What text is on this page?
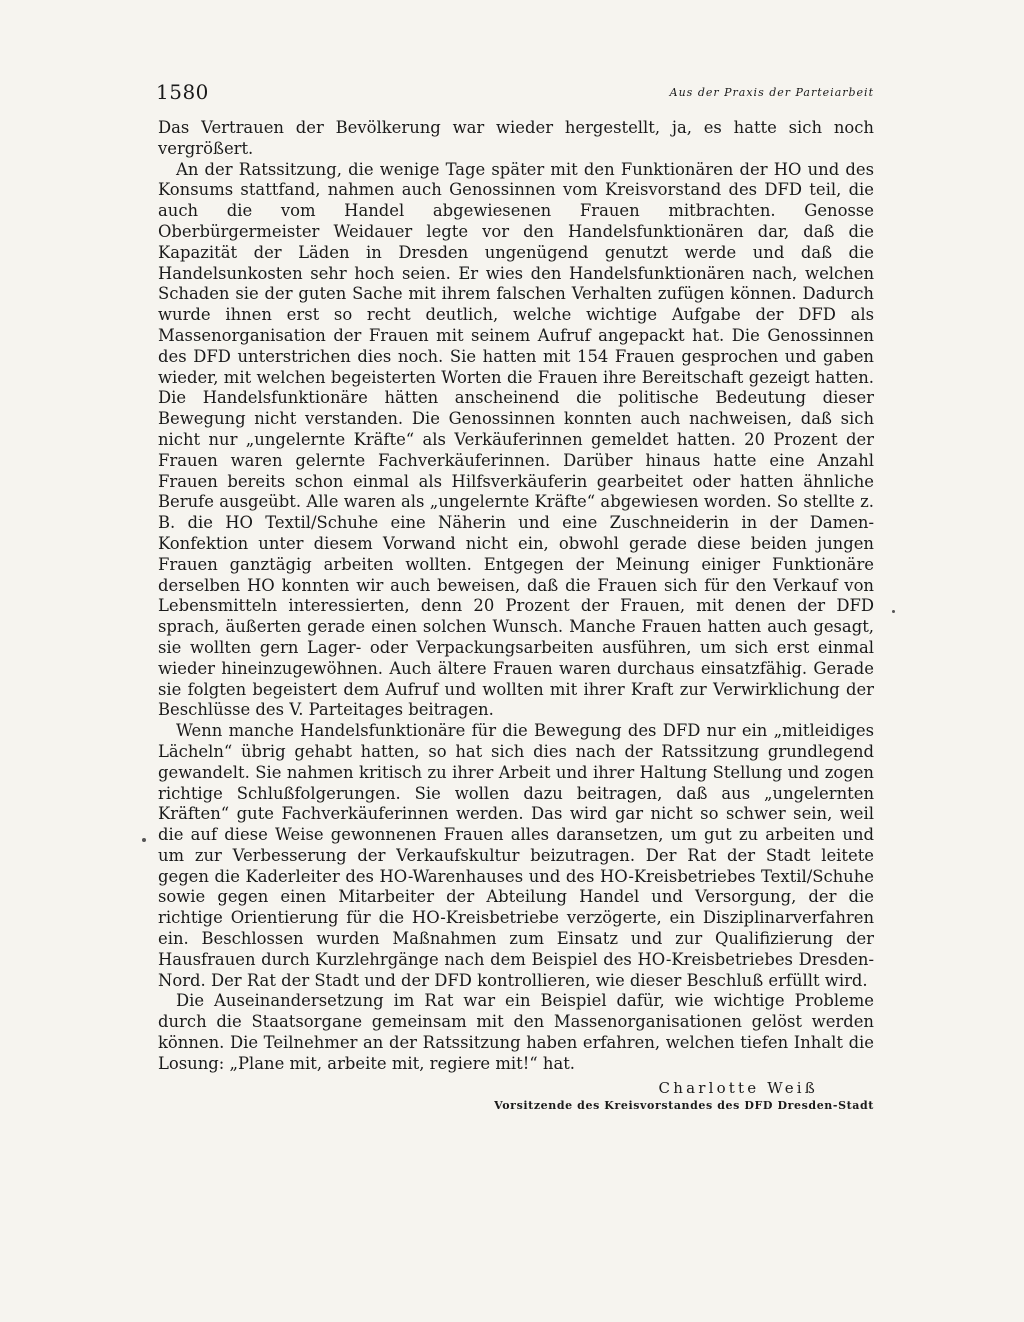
1580	Aus der Praxis der Parteiarbeit

Das Vertrauen der Bevölkerung war wieder hergestellt, ja, es hatte sich noch vergrößert.

An der Ratssitzung, die wenige Tage später mit den Funktionären der HO und des Konsums stattfand, nahmen auch Genossinnen vom Kreisvorstand des DFD teil, die auch die vom Handel abgewiesenen Frauen mitbrachten. Genosse Oberbürgermeister Weidauer legte vor den Handelsfunktionären dar, daß die Kapazität der Läden in Dresden ungenügend genutzt werde und daß die Handelsunkosten sehr hoch seien. Er wies den Handelsfunktionären nach, welchen Schaden sie der guten Sache mit ihrem falschen Verhalten zufügen können. Dadurch wurde ihnen erst so recht deutlich, welche wichtige Aufgabe der DFD als Massenorganisation der Frauen mit seinem Aufruf angepackt hat. Die Genossinnen des DFD unterstrichen dies noch. Sie hatten mit 154 Frauen gesprochen und gaben wieder, mit welchen begeisterten Worten die Frauen ihre Bereitschaft gezeigt hatten. Die Handelsfunktionäre hätten anscheinend die politische Bedeutung dieser Bewegung nicht verstanden. Die Genossinnen konnten auch nachweisen, daß sich nicht nur „ungelernte Kräfte“ als Verkäuferinnen gemeldet hatten. 20 Prozent der Frauen waren gelernte Fachverkäuferinnen. Darüber hinaus hatte eine Anzahl Frauen bereits schon einmal als Hilfsverkäuferin gearbeitet oder hatten ähnliche Berufe ausgeübt. Alle waren als „ungelernte Kräfte“ abgewiesen worden. So stellte z. B. die HO Textil/Schuhe eine Näherin und eine Zuschneiderin in der Damen-Konfektion unter diesem Vorwand nicht ein, obwohl gerade diese beiden jungen Frauen ganztägig arbeiten wollten. Entgegen der Meinung einiger Funktionäre derselben HO konnten wir auch beweisen, daß die Frauen sich für den Verkauf von Lebensmitteln interessierten, denn 20 Prozent der Frauen, mit denen der DFD sprach, äußerten gerade einen solchen Wunsch. Manche Frauen hatten auch gesagt, sie wollten gern Lager- oder Verpackungsarbeiten ausführen, um sich erst einmal wieder hineinzugewöhnen. Auch ältere Frauen waren durchaus einsatzfähig. Gerade sie folgten begeistert dem Aufruf und wollten mit ihrer Kraft zur Verwirklichung der Beschlüsse des V. Parteitages beitragen.

Wenn manche Handelsfunktionäre für die Bewegung des DFD nur ein „mitleidiges Lächeln“ übrig gehabt hatten, so hat sich dies nach der Ratssitzung grundlegend gewandelt. Sie nahmen kritisch zu ihrer Arbeit und ihrer Haltung Stellung und zogen richtige Schlußfolgerungen. Sie wollen dazu beitragen, daß aus „ungelernten Kräften“ gute Fachverkäuferinnen werden. Das wird gar nicht so schwer sein, weil die auf diese Weise gewonnenen Frauen alles daransetzen, um gut zu arbeiten und um zur Verbesserung der Verkaufskultur beizutragen. Der Rat der Stadt leitete gegen die Kaderleiter des HO-Warenhauses und des HO-Kreisbetriebes Textil/Schuhe sowie gegen einen Mitarbeiter der Abteilung Handel und Versorgung, der die richtige Orientierung für die HO-Kreisbetriebe verzögerte, ein Disziplinarverfahren ein. Beschlossen wurden Maßnahmen zum Einsatz und zur Qualifizierung der Hausfrauen durch Kurzlehrgänge nach dem Beispiel des HO-Kreisbetriebes Dresden-Nord. Der Rat der Stadt und der DFD kontrollieren, wie dieser Beschluß erfüllt wird.

Die Auseinandersetzung im Rat war ein Beispiel dafür, wie wichtige Probleme durch die Staatsorgane gemeinsam mit den Massenorganisationen gelöst werden können. Die Teilnehmer an der Ratssitzung haben erfahren, welchen tiefen Inhalt die Losung: „Plane mit, arbeite mit, regiere mit!“ hat.

Charlotte Weiß
Vorsitzende des Kreisvorstandes des DFD Dresden-Stadt
